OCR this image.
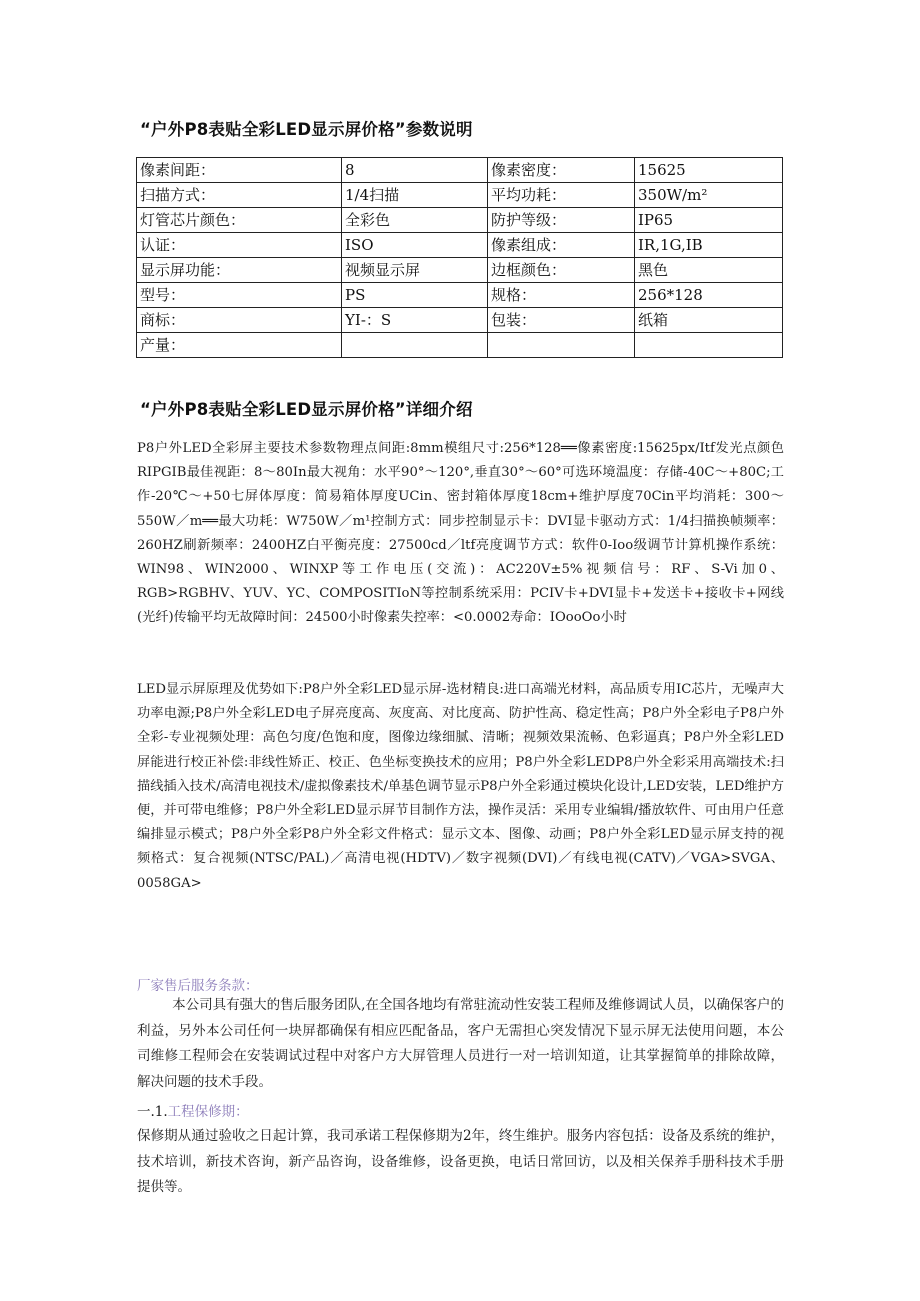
“户外P8表贴全彩LED显示屏价格”参数说明
像素间距：	8	像素密度：	15625
扫描方式：	1/4扫描	平均功耗：	350W/m²
灯管芯片颜色：	全彩色	防护等级：	IP65
认证：	ISO	像素组成：	IR,1G,IB
显示屏功能：	视频显示屏	边框颜色：	黑色
型号：	PS	规格：	256*128
商标：	YI-：S	包装：	纸箱
产量：			
“户外P8表贴全彩LED显示屏价格”详细介绍
P8户外LED全彩屏主要技术参数物理点间距:8mm模组尺寸:256*128══像素密度:15625px/Itf发光点颜色RIPGIB最佳视距：8～80In最大视角：水平90°～120°,垂直30°～60°可选环境温度：存储-40C～+80C;工作-20℃～+50七屏体厚度：简易箱体厚度UCin、密封箱体厚度18cm+维护厚度70Cin平均消耗：300～550W／m══最大功耗：W750W／m¹控制方式：同步控制显示卡：DVI显卡驱动方式：1/4扫描换帧频率：260HZ刷新频率：2400HZ白平衡亮度：27500cd／ltf亮度调节方式：软件0-Ioo级调节计算机操作系统：WIN98、WIN2000、WINXP等工作电压(交流)：AC220V±5%视频信号：RF、S-Vi加0、RGB>RGBHV、YUV、YC、COMPOSITIoN等控制系统采用：PCIV卡+DVI显卡+发送卡+接收卡+网线(光纤)传输平均无故障时间：24500小时像素失控率：<0.0002寿命：IOooOo小时
LED显示屏原理及优势如下:P8户外全彩LED显示屏-选材精良:进口高端光材料，高品质专用IC芯片，无噪声大功率电源;P8户外全彩LED电子屏亮度高、灰度高、对比度高、防护性高、稳定性高；P8户外全彩电子P8户外全彩-专业视频处理：高色匀度/色饱和度，图像边缘细腻、清晰；视频效果流畅、色彩逼真；P8户外全彩LED屏能进行校正补偿:非线性矫正、校正、色坐标变换技术的应用；P8户外全彩LEDP8户外全彩采用高端技术:扫描线插入技术/高清电视技术/虚拟像素技术/单基色调节显示P8户外全彩通过模块化设计,LED安装，LED维护方便，并可带电维修；P8户外全彩LED显示屏节目制作方法，操作灵活：采用专业编辑/播放软件、可由用户任意编排显示模式；P8户外全彩P8户外全彩文件格式：显示文本、图像、动画；P8户外全彩LED显示屏支持的视频格式：复合视频(NTSC/PAL)／高清电视(HDTV)／数字视频(DVI)／有线电视(CATV)／VGA>SVGA、0058GA>
厂家售后服务条款：
本公司具有强大的售后服务团队,在全国各地均有常驻流动性安装工程师及维修调试人员，以确保客户的利益，另外本公司任何一块屏都确保有相应匹配备品，客户无需担心突发情况下显示屏无法使用问题，本公司维修工程师会在安装调试过程中对客户方大屏管理人员进行一对一培训知道，让其掌握简单的排除故障，解决问题的技术手段。
一.1.工程保修期：
保修期从通过验收之日起计算，我司承诺工程保修期为2年，终生维护。服务内容包括：设备及系统的维护，技术培训，新技术咨询，新产品咨询，设备维修，设备更换，电话日常回访，以及相关保养手册科技术手册提供等。
